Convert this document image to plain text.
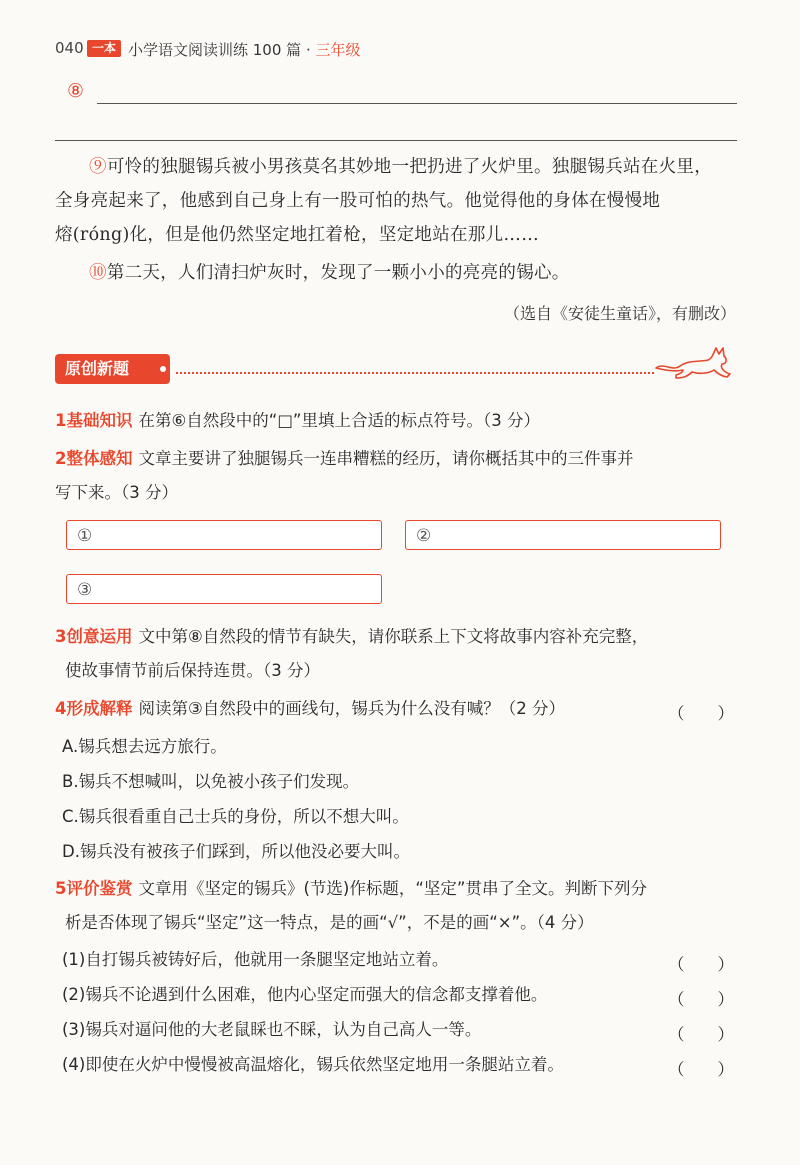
040 一本 小学语文阅读训练 100 篇 · 三年级
⑧
⑨可怜的独腿锡兵被小男孩莫名其妙地一把扔进了火炉里。独腿锡兵站在火里，
全身亮起来了，他感到自己身上有一股可怕的热气。他觉得他的身体在慢慢地
熔(róng)化，但是他仍然坚定地扛着枪，坚定地站在那儿……
⑩第二天，人们清扫炉灰时，发现了一颗小小的亮亮的锡心。
（选自《安徒生童话》，有删改）
原创新题
1基础知识 在第⑥自然段中的“□”里填上合适的标点符号。（3 分）
2整体感知 文章主要讲了独腿锡兵一连串糟糕的经历，请你概括其中的三件事并
写下来。（3 分）
①	②
③
3创意运用 文中第⑧自然段的情节有缺失，请你联系上下文将故事内容补充完整，
使故事情节前后保持连贯。（3 分）
4形成解释 阅读第③自然段中的画线句，锡兵为什么没有喊？（2 分）	（　　）
A.锡兵想去远方旅行。
B.锡兵不想喊叫，以免被小孩子们发现。
C.锡兵很看重自己士兵的身份，所以不想大叫。
D.锡兵没有被孩子们踩到，所以他没必要大叫。
5评价鉴赏 文章用《坚定的锡兵》(节选)作标题，“坚定”贯串了全文。判断下列分
析是否体现了锡兵“坚定”这一特点，是的画“√”，不是的画“×”。（4 分）
(1)自打锡兵被铸好后，他就用一条腿坚定地站立着。	（　　）
(2)锡兵不论遇到什么困难，他内心坚定而强大的信念都支撑着他。	（　　）
(3)锡兵对逼问他的大老鼠睬也不睬，认为自己高人一等。	（　　）
(4)即使在火炉中慢慢被高温熔化，锡兵依然坚定地用一条腿站立着。	（　　）
